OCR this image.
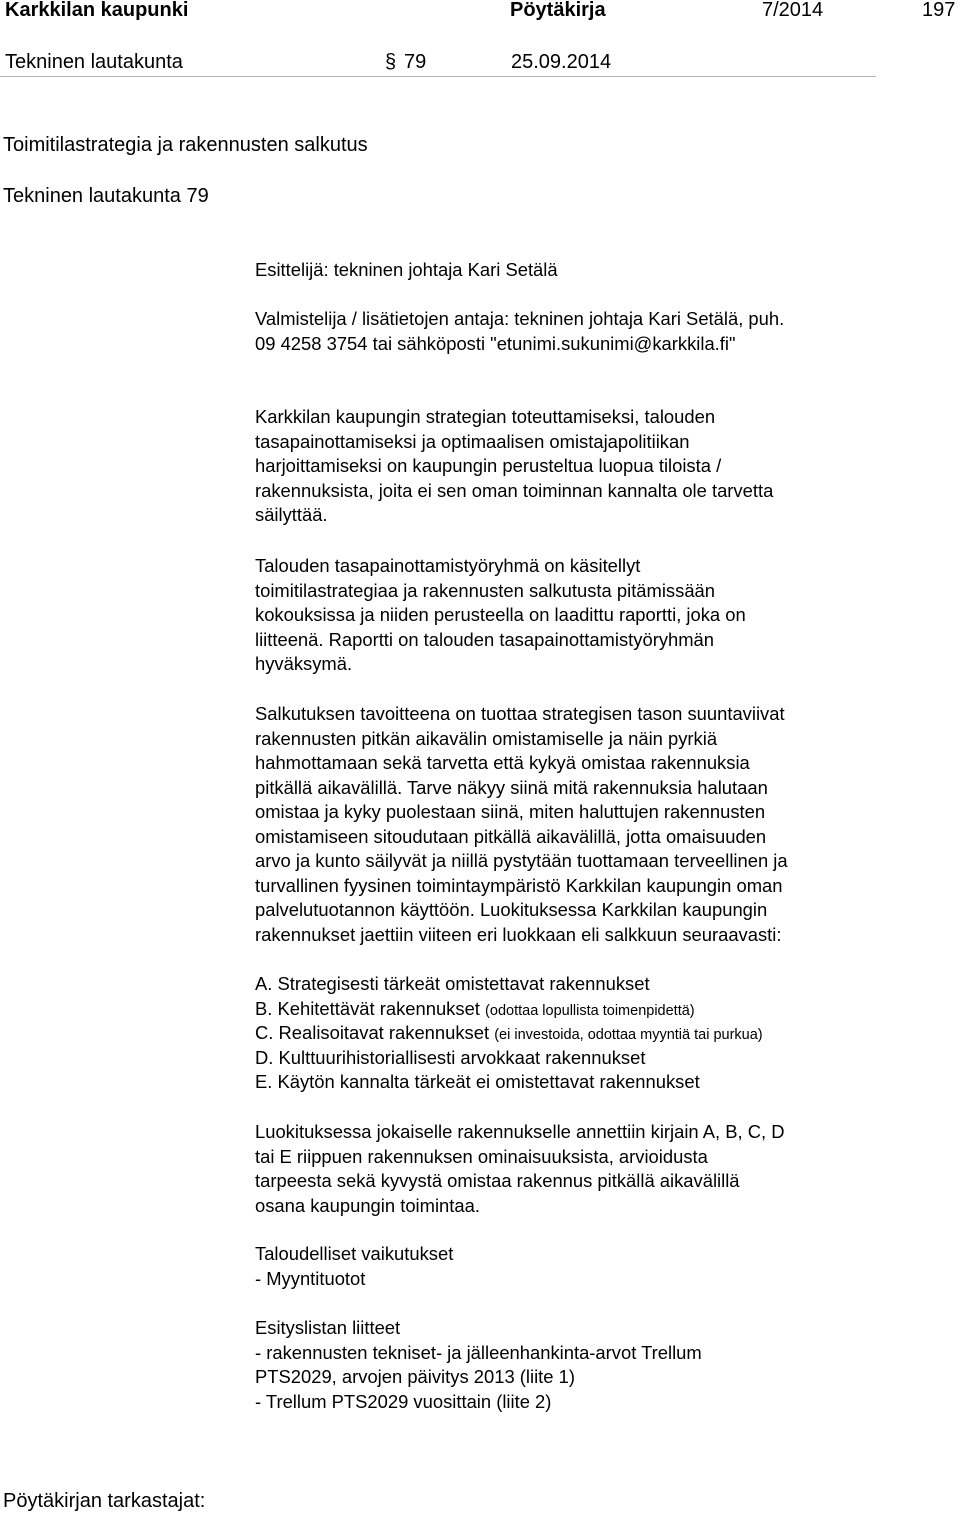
Karkkilan kaupunki	Pöytäkirja	7/2014	197
Tekninen lautakunta	§ 79	25.09.2014
Toimitilastrategia ja rakennusten salkutus
Tekninen lautakunta 79
Esittelijä: tekninen johtaja Kari Setälä
Valmistelija / lisätietojen antaja: tekninen johtaja Kari Setälä, puh.
09 4258 3754 tai sähköposti "etunimi.sukunimi@karkkila.fi"
Karkkilan kaupungin strategian toteuttamiseksi, talouden
tasapainottamiseksi ja optimaalisen omistajapolitiikan
harjoittamiseksi on kaupungin perusteltua luopua tiloista /
rakennuksista, joita ei sen oman toiminnan kannalta ole tarvetta
säilyttää.
Talouden tasapainottamistyöryhmä on käsitellyt
toimitilastrategiaa ja rakennusten salkutusta pitämissään
kokouksissa ja niiden perusteella on laadittu raportti, joka on
liitteenä. Raportti on talouden tasapainottamistyöryhmän
hyväksymä.
Salkutuksen tavoitteena on tuottaa strategisen tason suuntaviivat
rakennusten pitkän aikavälin omistamiselle ja näin pyrkiä
hahmottamaan sekä tarvetta että kykyä omistaa rakennuksia
pitkällä aikavälillä. Tarve näkyy siinä mitä rakennuksia halutaan
omistaa ja kyky puolestaan siinä, miten haluttujen rakennusten
omistamiseen sitoudutaan pitkällä aikavälillä, jotta omaisuuden
arvo ja kunto säilyvät ja niillä pystytään tuottamaan terveellinen ja
turvallinen fyysinen toimintaympäristö Karkkilan kaupungin oman
palvelutuotannon käyttöön. Luokituksessa Karkkilan kaupungin
rakennukset jaettiin viiteen eri luokkaan eli salkkuun seuraavasti:
A. Strategisesti tärkeät omistettavat rakennukset
B. Kehitettävät rakennukset (odottaa lopullista toimenpidettä)
C. Realisoitavat rakennukset (ei investoida, odottaa myyntiä tai purkua)
D. Kulttuurihistoriallisesti arvokkaat rakennukset
E. Käytön kannalta tärkeät ei omistettavat rakennukset
Luokituksessa jokaiselle rakennukselle annettiin kirjain A, B, C, D
tai E riippuen rakennuksen ominaisuuksista, arvioidusta
tarpeesta sekä kyvystä omistaa rakennus pitkällä aikavälillä
osana kaupungin toimintaa.
Taloudelliset vaikutukset
- Myyntituotot
Esityslistan liitteet
- rakennusten tekniset- ja jälleenhankinta-arvot Trellum
PTS2029, arvojen päivitys 2013 (liite 1)
- Trellum PTS2029 vuosittain (liite 2)
Pöytäkirjan tarkastajat:
